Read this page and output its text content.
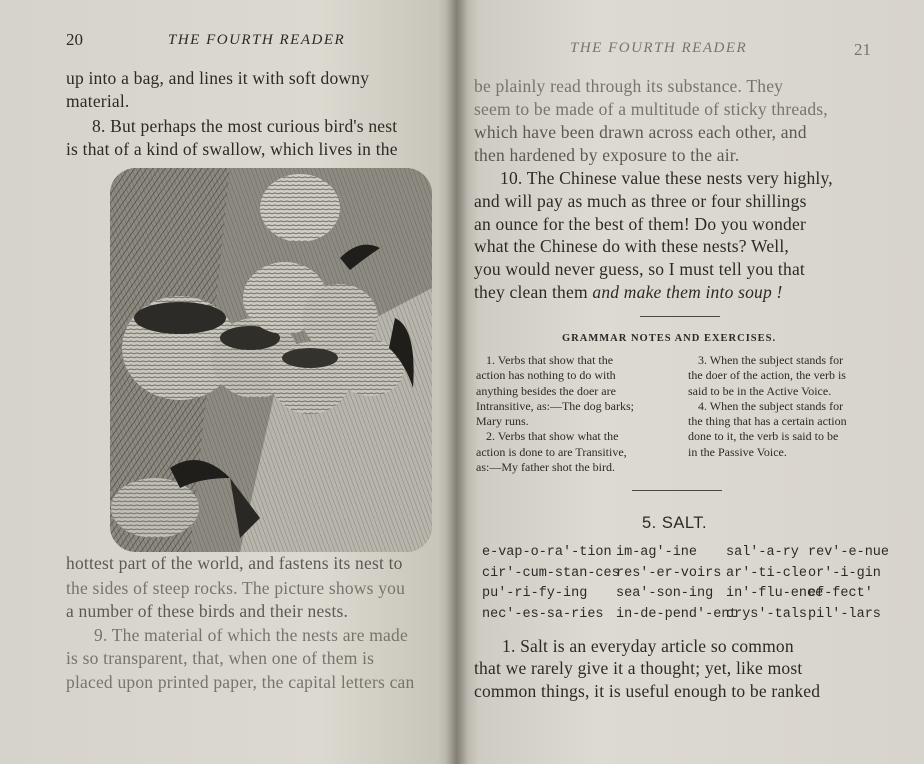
20	THE FOURTH READER
up into a bag, and lines it with soft downy
material.
8. But perhaps the most curious bird's nest
is that of a kind of swallow, which lives in the
hottest part of the world, and fastens its nest to
the sides of steep rocks. The picture shows you
a number of these birds and their nests.
9. The material of which the nests are made
is so transparent, that, when one of them is
placed upon printed paper, the capital letters can
THE FOURTH READER	21
be plainly read through its substance. They
seem to be made of a multitude of sticky threads,
which have been drawn across each other, and
then hardened by exposure to the air.
10. The Chinese value these nests very highly,
and will pay as much as three or four shillings
an ounce for the best of them! Do you wonder
what the Chinese do with these nests? Well,
you would never guess, so I must tell you that
they clean them and make them into soup !
GRAMMAR NOTES AND EXERCISES.

1. Verbs that show that the

action has nothing to do with

anything besides the doer are

Intransitive, as:—The dog barks;

Mary runs.

2. Verbs that show what the

action is done to are Transitive,

as:—My father shot the bird.

3. When the subject stands for

the doer of the action, the verb is

said to be in the Active Voice.

4. When the subject stands for

the thing that has a certain action

done to it, the verb is said to be

in the Passive Voice.

5. SALT.
e-vap-o-ra'-tion
cir'-cum-stan-ces
pu'-ri-fy-ing
nec'-es-sa-ries
im-ag'-ine
res'-er-voirs
sea'-son-ing
in-de-pend'-ent
sal'-a-ry
ar'-ti-cle
in'-flu-ence
crys'-tals
rev'-e-nue
or'-i-gin
ef-fect'
pil'-lars
1. Salt is an everyday article so common
that we rarely give it a thought; yet, like most
common things, it is useful enough to be ranked
